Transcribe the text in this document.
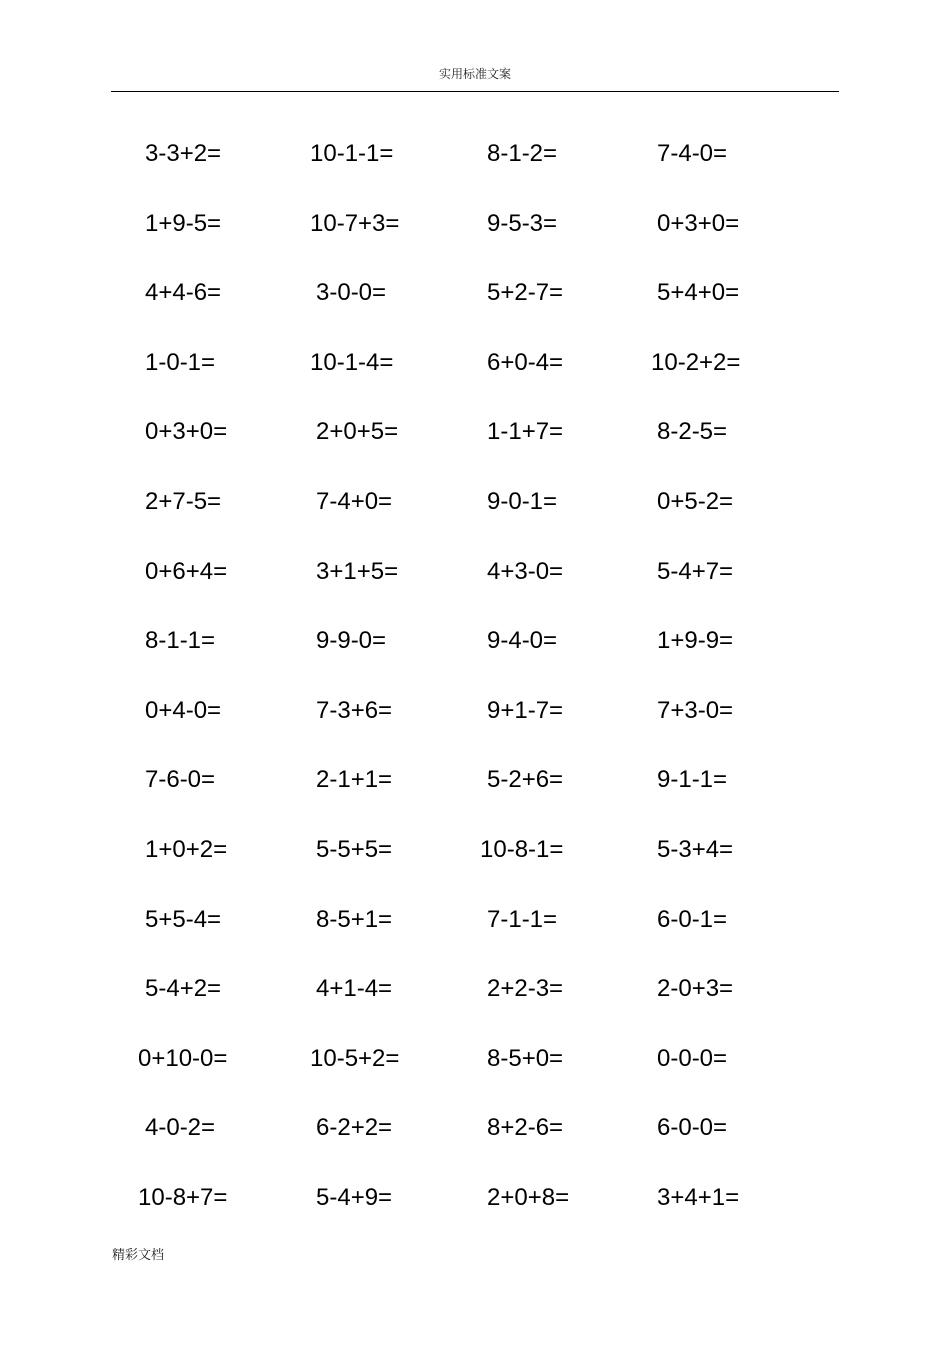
实用标准文案
3-3+2=	10-1-1=	8-1-2=	7-4-0=
1+9-5=	10-7+3=	9-5-3=	0+3+0=
4+4-6=	3-0-0=	5+2-7=	5+4+0=
1-0-1=	10-1-4=	6+0-4=	10-2+2=
0+3+0=	2+0+5=	1-1+7=	8-2-5=
2+7-5=	7-4+0=	9-0-1=	0+5-2=
0+6+4=	3+1+5=	4+3-0=	5-4+7=
8-1-1=	9-9-0=	9-4-0=	1+9-9=
0+4-0=	7-3+6=	9+1-7=	7+3-0=
7-6-0=	2-1+1=	5-2+6=	9-1-1=
1+0+2=	5-5+5=	10-8-1=	5-3+4=
5+5-4=	8-5+1=	7-1-1=	6-0-1=
5-4+2=	4+1-4=	2+2-3=	2-0+3=
0+10-0=	10-5+2=	8-5+0=	0-0-0=
4-0-2=	6-2+2=	8+2-6=	6-0-0=
10-8+7=	5-4+9=	2+0+8=	3+4+1=
精彩文档
